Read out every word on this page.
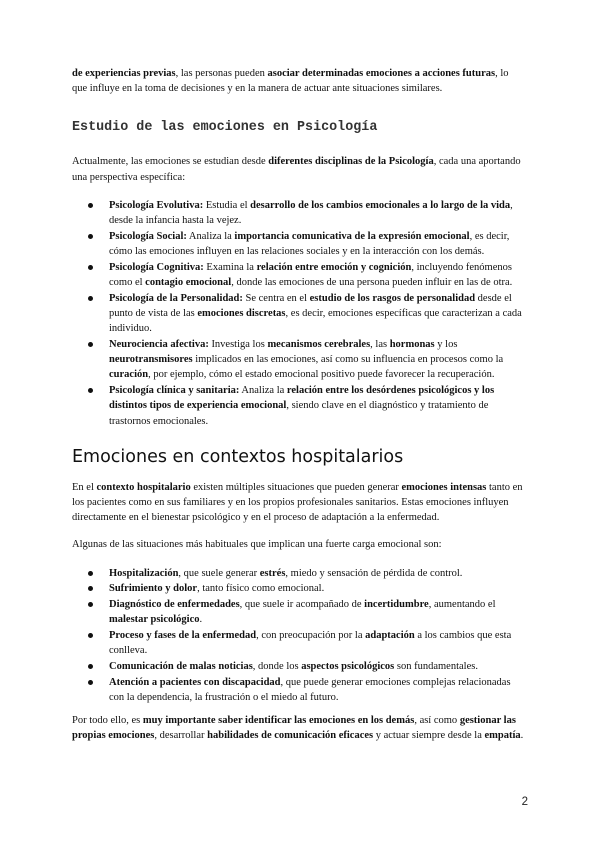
de experiencias previas, las personas pueden asociar determinadas emociones a acciones futuras, lo que influye en la toma de decisiones y en la manera de actuar ante situaciones similares.

Estudio de las emociones en Psicología

Actualmente, las emociones se estudian desde diferentes disciplinas de la Psicología, cada una aportando una perspectiva específica:

Psicología Evolutiva: Estudia el desarrollo de los cambios emocionales a lo largo de la vida, desde la infancia hasta la vejez.
Psicología Social: Analiza la importancia comunicativa de la expresión emocional, es decir, cómo las emociones influyen en las relaciones sociales y en la interacción con los demás.
Psicología Cognitiva: Examina la relación entre emoción y cognición, incluyendo fenómenos como el contagio emocional, donde las emociones de una persona pueden influir en las de otra.
Psicología de la Personalidad: Se centra en el estudio de los rasgos de personalidad desde el punto de vista de las emociones discretas, es decir, emociones específicas que caracterizan a cada individuo.
Neurociencia afectiva: Investiga los mecanismos cerebrales, las hormonas y los neurotransmisores implicados en las emociones, así como su influencia en procesos como la curación, por ejemplo, cómo el estado emocional positivo puede favorecer la recuperación.
Psicología clínica y sanitaria: Analiza la relación entre los desórdenes psicológicos y los distintos tipos de experiencia emocional, siendo clave en el diagnóstico y tratamiento de trastornos emocionales.
Emociones en contextos hospitalarios

En el contexto hospitalario existen múltiples situaciones que pueden generar emociones intensas tanto en los pacientes como en sus familiares y en los propios profesionales sanitarios. Estas emociones influyen directamente en el bienestar psicológico y en el proceso de adaptación a la enfermedad.

Algunas de las situaciones más habituales que implican una fuerte carga emocional son:

Hospitalización, que suele generar estrés, miedo y sensación de pérdida de control.
Sufrimiento y dolor, tanto físico como emocional.
Diagnóstico de enfermedades, que suele ir acompañado de incertidumbre, aumentando el malestar psicológico.
Proceso y fases de la enfermedad, con preocupación por la adaptación a los cambios que esta conlleva.
Comunicación de malas noticias, donde los aspectos psicológicos son fundamentales.
Atención a pacientes con discapacidad, que puede generar emociones complejas relacionadas con la dependencia, la frustración o el miedo al futuro.

Por todo ello, es muy importante saber identificar las emociones en los demás, así como gestionar las propias emociones, desarrollar habilidades de comunicación eficaces y actuar siempre desde la empatía.

2
